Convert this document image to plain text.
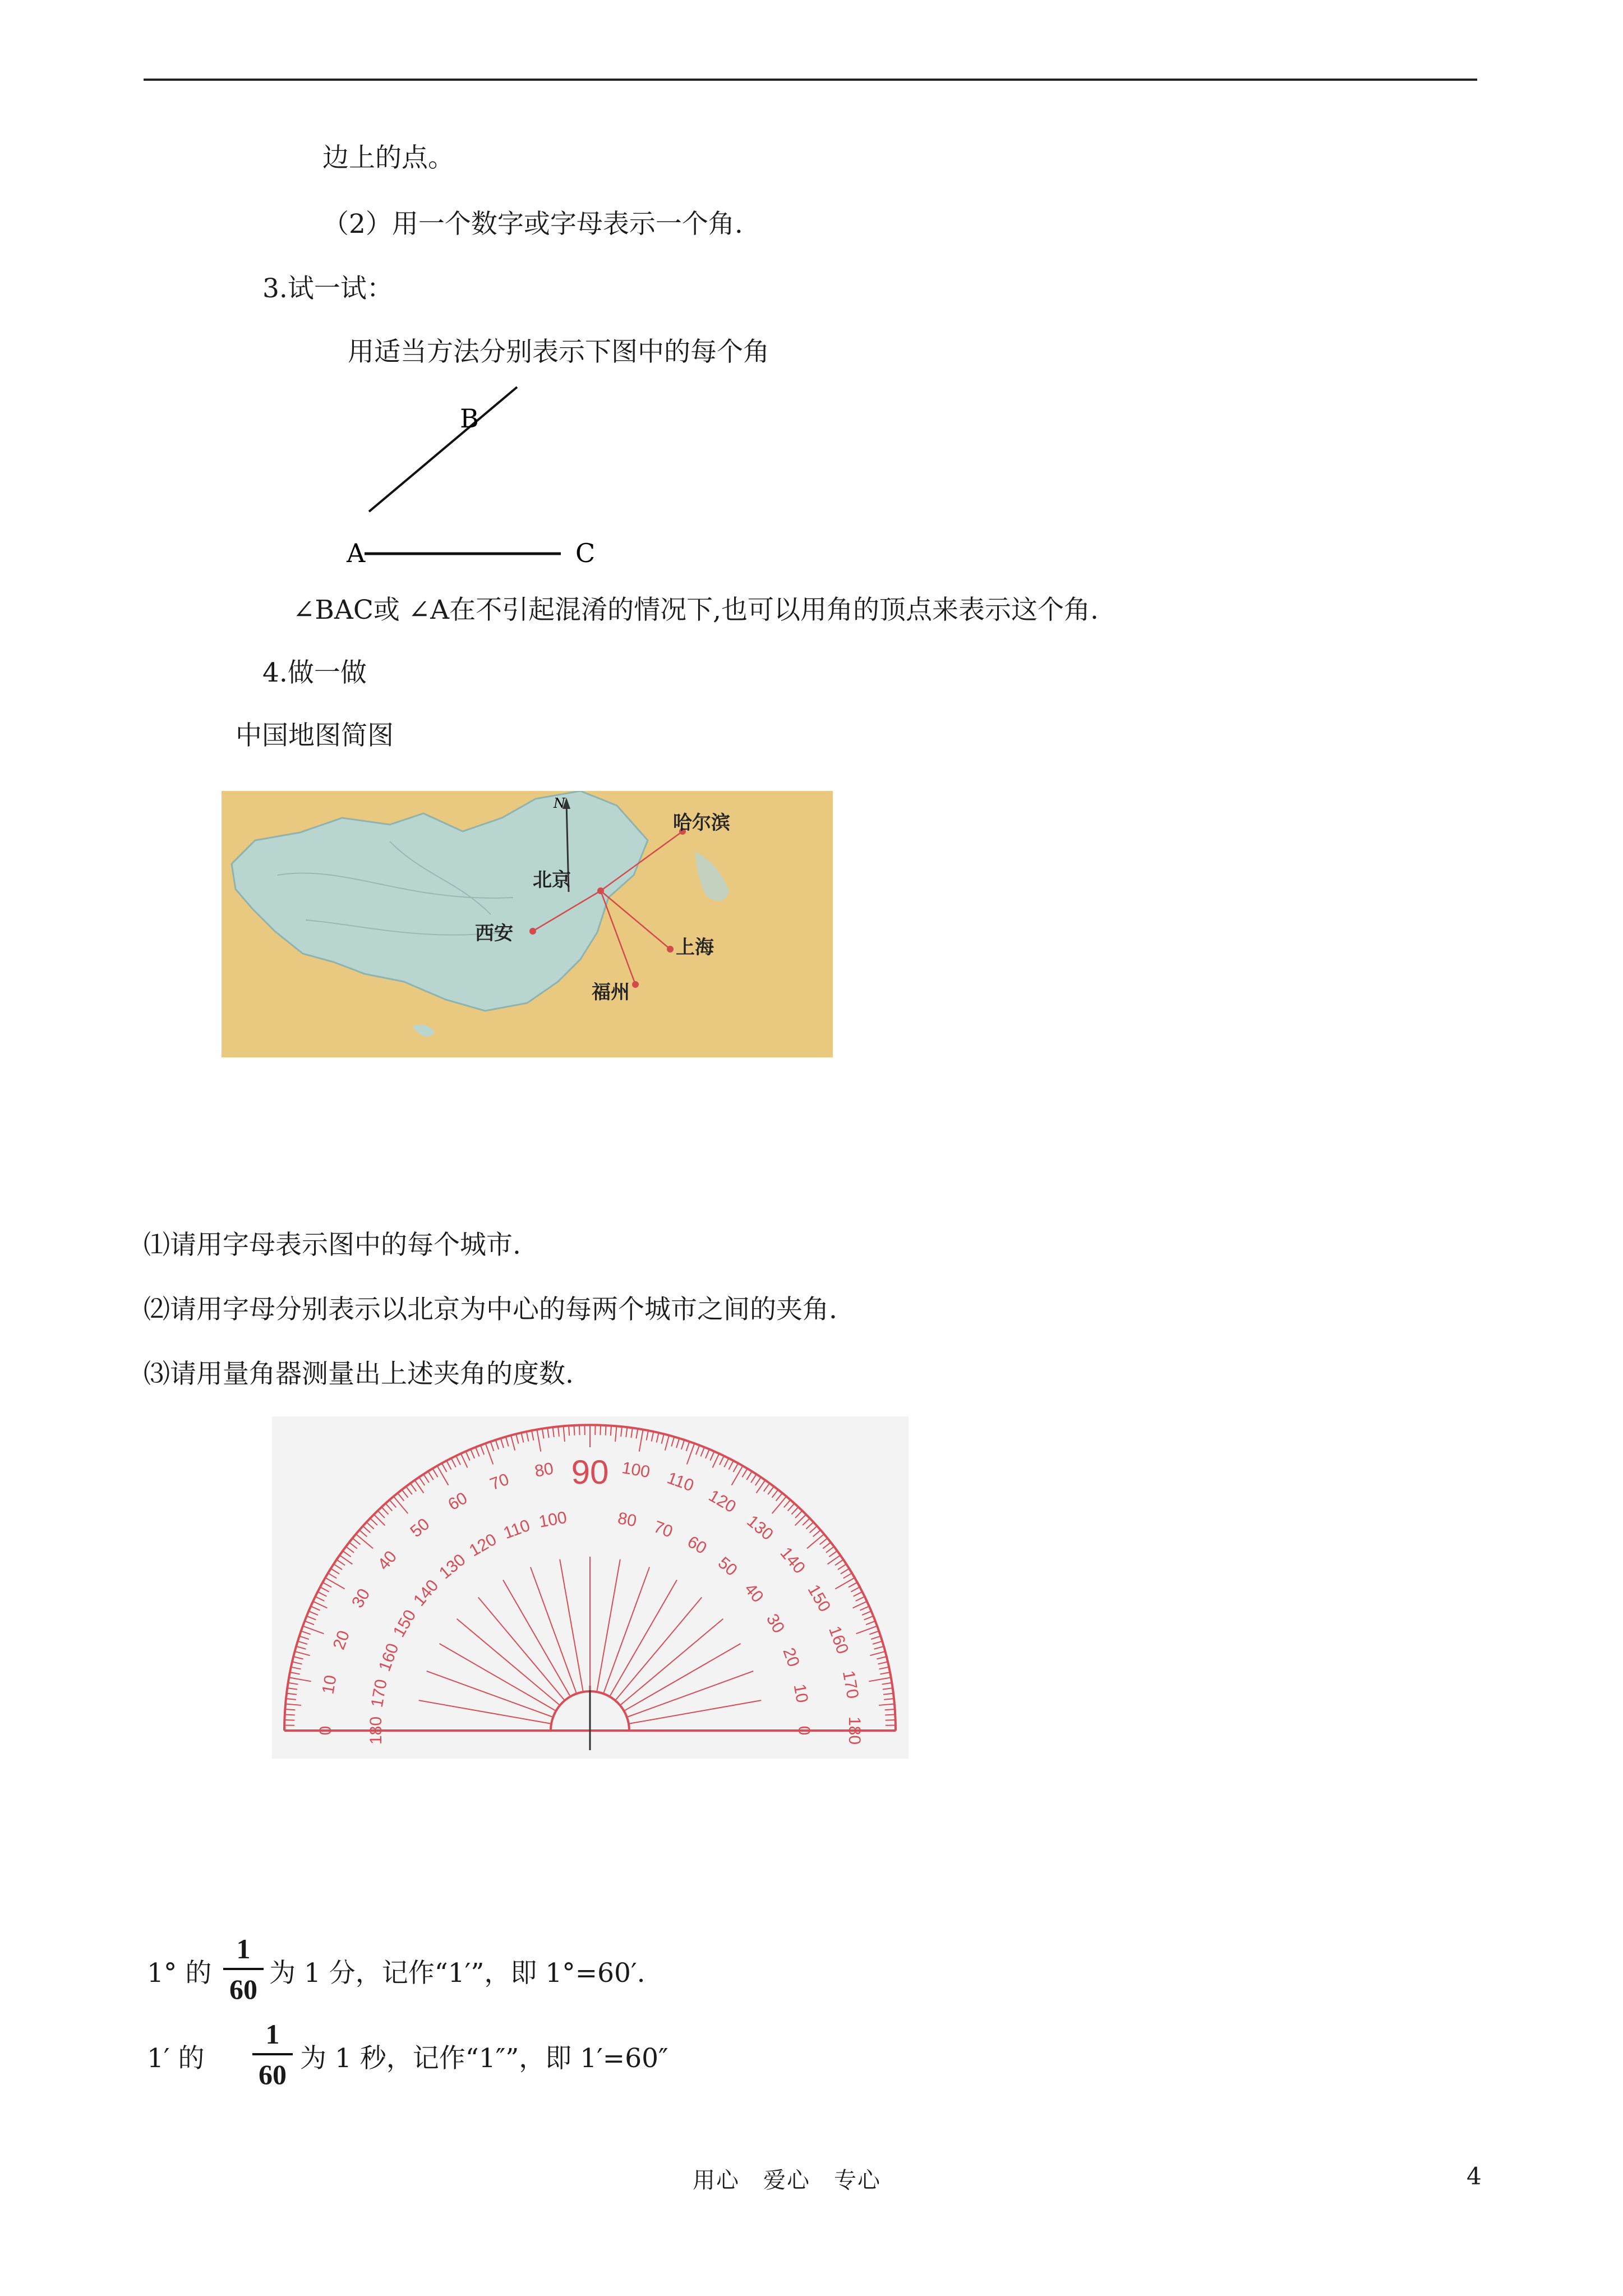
边上的点。
（2）用一个数字或字母表示一个角.
3.试一试：
用适当方法分别表示下图中的每个角
B
A	C
∠BAC或 ∠A在不引起混淆的情况下,也可以用角的顶点来表示这个角.
4.做一做
中国地图简图
N
哈尔滨
北京
西安
上海
福州
⑴请用字母表示图中的每个城市.
⑵请用字母分别表示以北京为中心的每两个城市之间的夹角.
⑶请用量角器测量出上述夹角的度数.
180
170
160
150
140
130
120
110
100
80
70
60
50
40
30
20
10
0	0
10
20
30
40
50
60
70
80
100
110
120
130
140
150
160
170
180
90
1° 的
1
60
为 1 分，记作“1′”，即 1°=60′.
1′ 的
1
60
为 1 秒，记作“1″”，即 1′=60″
用心　爱心　专心	4
